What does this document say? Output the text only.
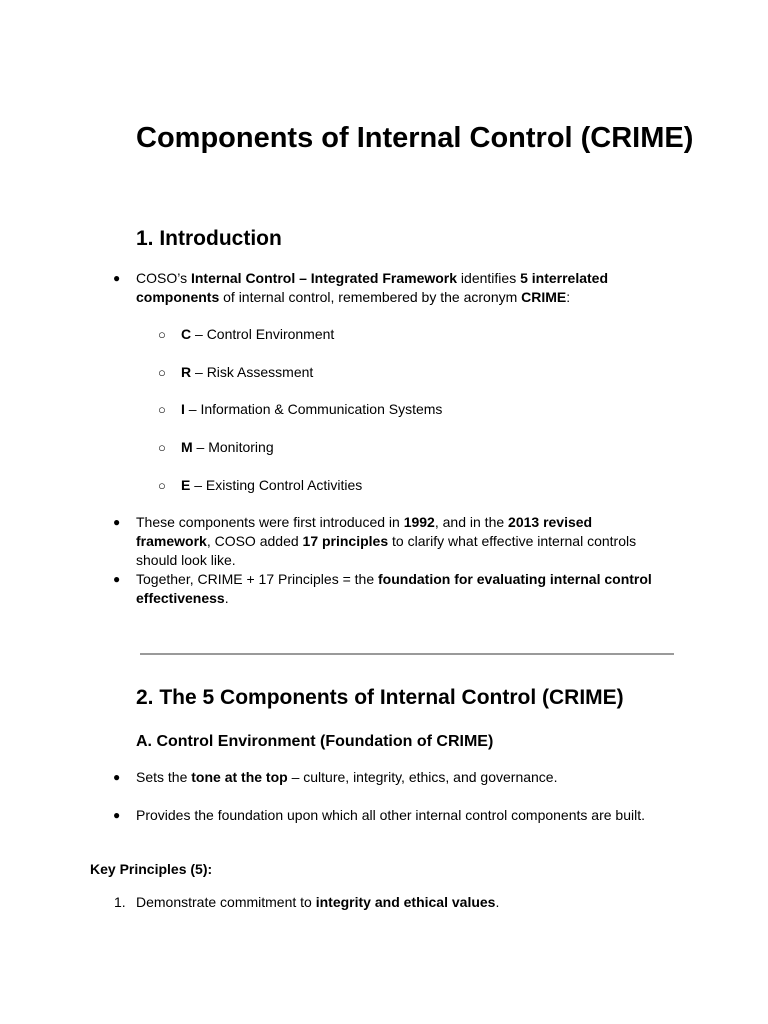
Components of Internal Control (CRIME)
1. Introduction
● COSO’s Internal Control – Integrated Framework identifies 5 interrelated components of internal control, remembered by the acronym CRIME:
○ C – Control Environment
○ R – Risk Assessment
○ I – Information & Communication Systems
○ M – Monitoring
○ E – Existing Control Activities
● These components were first introduced in 1992, and in the 2013 revised framework, COSO added 17 principles to clarify what effective internal controls should look like.
● Together, CRIME + 17 Principles = the foundation for evaluating internal control effectiveness.
2. The 5 Components of Internal Control (CRIME)
A. Control Environment (Foundation of CRIME)
● Sets the tone at the top – culture, integrity, ethics, and governance.
● Provides the foundation upon which all other internal control components are built.
Key Principles (5):
1. Demonstrate commitment to integrity and ethical values.
